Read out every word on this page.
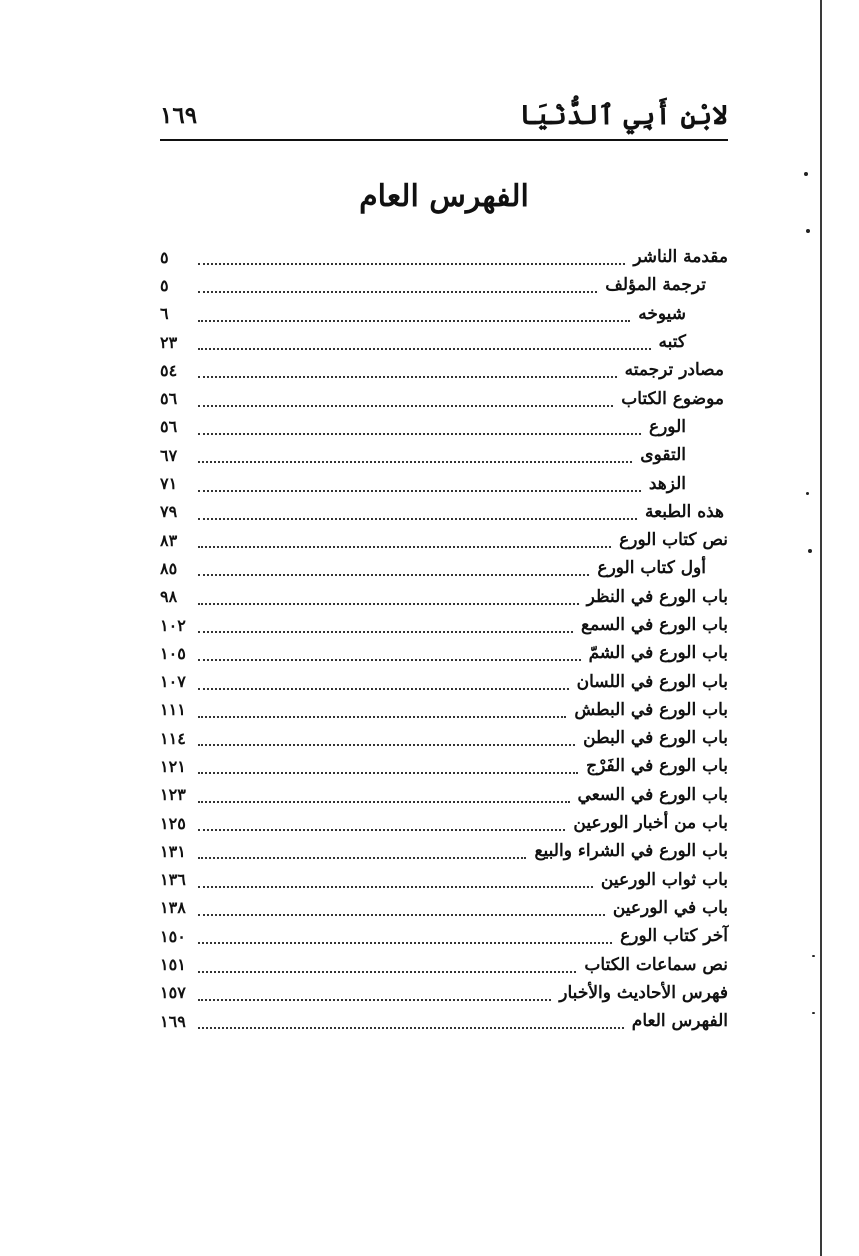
لابْنِ أَبِي ٱلدُّنْيَا
١٦٩
الفهرس العام
مقدمة الناشر
٥
ترجمة المؤلف
٥
شيوخه
٦
كتبه
٢٣
مصادر ترجمته
٥٤
موضوع الكتاب
٥٦
الورع
٥٦
التقوى
٦٧
الزهد
٧١
هذه الطبعة
٧٩
نص كتاب الورع
٨٣
أول كتاب الورع
٨٥
باب الورع في النظر
٩٨
باب الورع في السمع
١٠٢
باب الورع في الشمّ
١٠٥
باب الورع في اللسان
١٠٧
باب الورع في البطش
١١١
باب الورع في البطن
١١٤
باب الورع في الفَرْج
١٢١
باب الورع في السعي
١٢٣
باب من أخبار الورعين
١٢٥
باب الورع في الشراء والبيع
١٣١
باب ثواب الورعين
١٣٦
باب في الورعين
١٣٨
آخر كتاب الورع
١٥٠
نص سماعات الكتاب
١٥١
فهرس الأحاديث والأخبار
١٥٧
الفهرس العام
١٦٩
